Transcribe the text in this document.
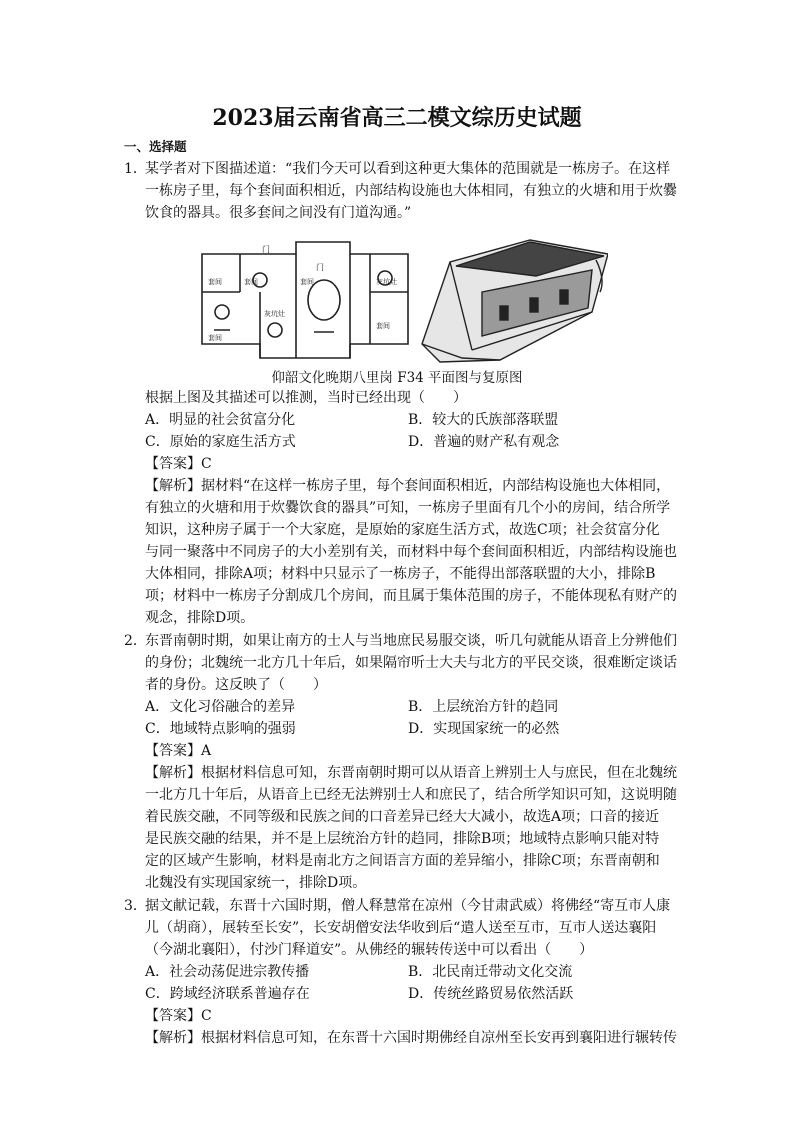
2023届云南省高三二模文综历史试题
一、选择题
1．
某学者对下图描述道：“我们今天可以看到这种更大集体的范围就是一栋房子。在这样
一栋房子里，每个套间面积相近，内部结构设施也大体相同，有独立的火塘和用于炊爨
饮食的器具。很多套间之间没有门道沟通。”
门
门
套间	套间	套间	灰坑灶
套间
灰坑灶
套间
仰韶文化晚期八里岗 F34 平面图与复原图
根据上图及其描述可以推测，当时已经出现（　　）
A．明显的社会贫富分化	B．较大的氏族部落联盟
C．原始的家庭生活方式	D．普遍的财产私有观念
【答案】C
【解析】据材料“在这样一栋房子里，每个套间面积相近，内部结构设施也大体相同，
有独立的火塘和用于炊爨饮食的器具”可知，一栋房子里面有几个小的房间，结合所学
知识，这种房子属于一个大家庭，是原始的家庭生活方式，故选C项；社会贫富分化
与同一聚落中不同房子的大小差别有关，而材料中每个套间面积相近，内部结构设施也
大体相同，排除A项；材料中只显示了一栋房子，不能得出部落联盟的大小，排除B
项；材料中一栋房子分割成几个房间，而且属于集体范围的房子，不能体现私有财产的
观念，排除D项。
2．
东晋南朝时期，如果让南方的士人与当地庶民易服交谈，听几句就能从语音上分辨他们
的身份；北魏统一北方几十年后，如果隔帘听士大夫与北方的平民交谈，很难断定谈话
者的身份。这反映了（　　）
A．文化习俗融合的差异	B．上层统治方针的趋同
C．地域特点影响的强弱	D．实现国家统一的必然
【答案】A
【解析】根据材料信息可知，东晋南朝时期可以从语音上辨别士人与庶民，但在北魏统
一北方几十年后，从语音上已经无法辨别士人和庶民了，结合所学知识可知，这说明随
着民族交融，不同等级和民族之间的口音差异已经大大减小，故选A项；口音的接近
是民族交融的结果，并不是上层统治方针的趋同，排除B项；地域特点影响只能对特
定的区域产生影响，材料是南北方之间语言方面的差异缩小，排除C项；东晋南朝和
北魏没有实现国家统一，排除D项。
3．
据文献记载，东晋十六国时期，僧人释慧常在凉州（今甘肃武威）将佛经“寄互市人康
儿（胡商），展转至长安”，长安胡僧安法华收到后“遣人送至互市，互市人送达襄阳
（今湖北襄阳），付沙门释道安”。从佛经的辗转传送中可以看出（　　）
A．社会动荡促进宗教传播	B．北民南迁带动文化交流
C．跨域经济联系普遍存在	D．传统丝路贸易依然活跃
【答案】C
【解析】根据材料信息可知，在东晋十六国时期佛经自凉州至长安再到襄阳进行辗转传
